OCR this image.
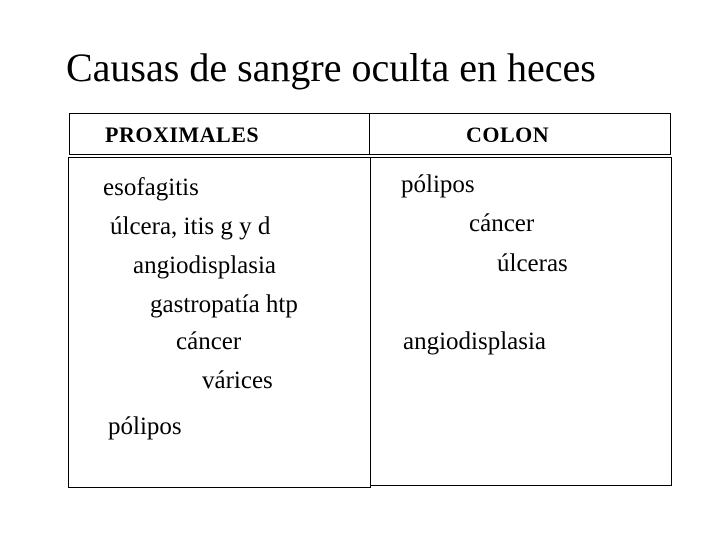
Causas de sangre oculta en heces
PROXIMALES	COLON
esofagitis
úlcera, itis g y d
angiodisplasia
gastropatía htp
cáncer
várices
pólipos
pólipos
cáncer
úlceras
angiodisplasia
